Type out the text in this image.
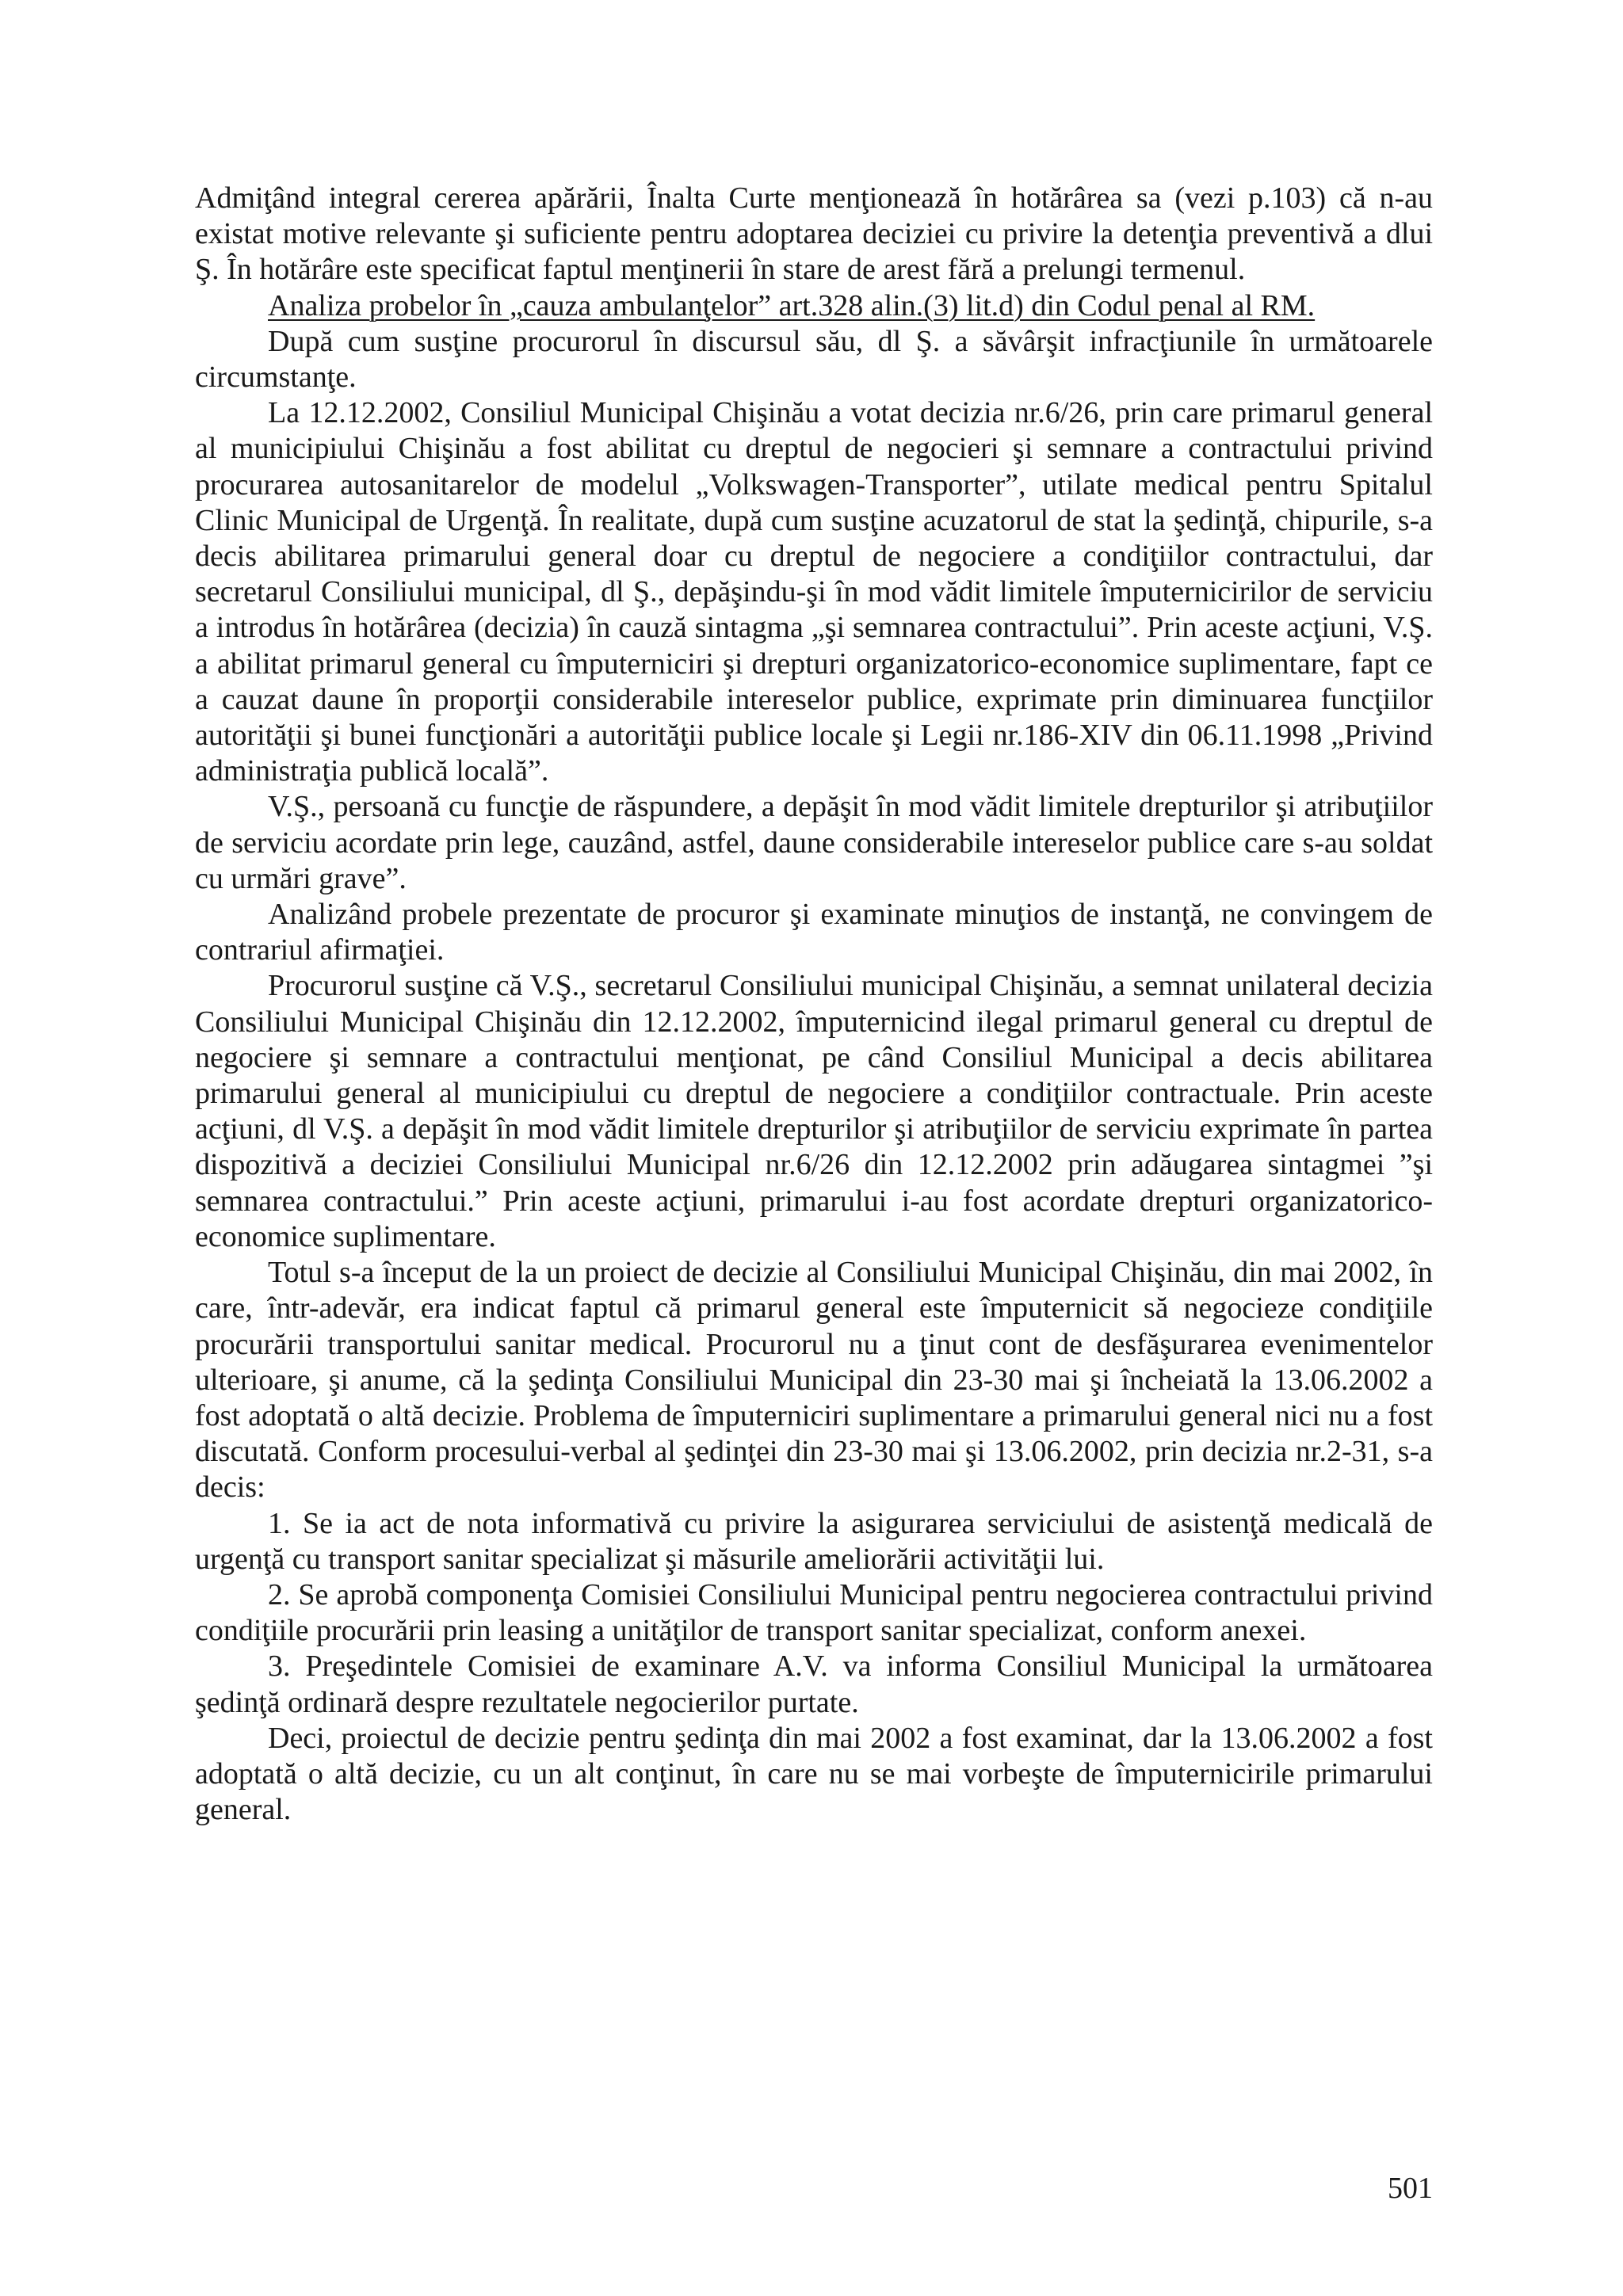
Admiţând integral cererea apărării, Înalta Curte menţionează în hotărârea sa (vezi p.103) că n-au existat motive relevante şi suficiente pentru adoptarea deciziei cu privire la detenţia preventivă a dlui Ş. În hotărâre este specificat faptul menţinerii în stare de arest fără a prelungi termenul.

Analiza probelor în „cauza ambulanţelor” art.328 alin.(3) lit.d) din Codul penal al RM.

După cum susţine procurorul în discursul său, dl Ş. a săvârşit infracţiunile în următoarele circumstanţe.

La 12.12.2002, Consiliul Municipal Chişinău a votat decizia nr.6/26, prin care primarul general al municipiului Chişinău a fost abilitat cu dreptul de negocieri şi semnare a contractului privind procurarea autosanitarelor de modelul „Volkswagen-Transporter”, utilate medical pentru Spitalul Clinic Municipal de Urgenţă. În realitate, după cum susţine acuzatorul de stat la şedinţă, chipurile, s-a decis abilitarea primarului general doar cu dreptul de negociere a condiţiilor contractului, dar secretarul Consiliului municipal, dl Ş., depăşindu-şi în mod vădit limitele împuternicirilor de serviciu a introdus în hotărârea (decizia) în cauză sintagma „şi semnarea contractului”. Prin aceste acţiuni, V.Ş. a abilitat primarul general cu împuterniciri şi drepturi organizatorico-economice suplimentare, fapt ce a cauzat daune în proporţii considerabile intereselor publice, exprimate prin diminuarea funcţiilor autorităţii şi bunei funcţionări a autorităţii publice locale şi Legii nr.186-XIV din 06.11.1998 „Privind administraţia publică locală”.

V.Ş., persoană cu funcţie de răspundere, a depăşit în mod vădit limitele drepturilor şi atribuţiilor de serviciu acordate prin lege, cauzând, astfel, daune considerabile intereselor publice care s-au soldat cu urmări grave”.

Analizând probele prezentate de procuror şi examinate minuţios de instanţă, ne convingem de contrariul afirmaţiei.

Procurorul susţine că V.Ş., secretarul Consiliului municipal Chişinău, a semnat unilateral decizia Consiliului Municipal Chişinău din 12.12.2002, împuternicind ilegal primarul general cu dreptul de negociere şi semnare a contractului menţionat, pe când Consiliul Municipal a decis abilitarea primarului general al municipiului cu dreptul de negociere a condiţiilor contractuale. Prin aceste acţiuni, dl V.Ş. a depăşit în mod vădit limitele drepturilor şi atribuţiilor de serviciu exprimate în partea dispozitivă a deciziei Consiliului Municipal nr.6/26 din 12.12.2002 prin adăugarea sintagmei ”şi semnarea contractului.” Prin aceste acţiuni, primarului i-au fost acordate drepturi organizatorico-economice suplimentare.

Totul s-a început de la un proiect de decizie al Consiliului Municipal Chişinău, din mai 2002, în care, într-adevăr, era indicat faptul că primarul general este împuternicit să negocieze condiţiile procurării transportului sanitar medical. Procurorul nu a ţinut cont de desfăşurarea evenimentelor ulterioare, şi anume, că la şedinţa Consiliului Municipal din 23-30 mai şi încheiată la 13.06.2002 a fost adoptată o altă decizie. Problema de împuterniciri suplimentare a primarului general nici nu a fost discutată. Conform procesului-verbal al şedinţei din 23-30 mai şi 13.06.2002, prin decizia nr.2-31, s-a decis:

1. Se ia act de nota informativă cu privire la asigurarea serviciului de asistenţă medicală de urgenţă cu transport sanitar specializat şi măsurile ameliorării activităţii lui.

2. Se aprobă componenţa Comisiei Consiliului Municipal pentru negocierea contractului privind condiţiile procurării prin leasing a unităţilor de transport sanitar specializat, conform anexei.

3. Preşedintele Comisiei de examinare A.V. va informa Consiliul Municipal la următoarea şedinţă ordinară despre rezultatele negocierilor purtate.

Deci, proiectul de decizie pentru şedinţa din mai 2002 a fost examinat, dar la 13.06.2002 a fost adoptată o altă decizie, cu un alt conţinut, în care nu se mai vorbeşte de împuternicirile primarului general.

501
